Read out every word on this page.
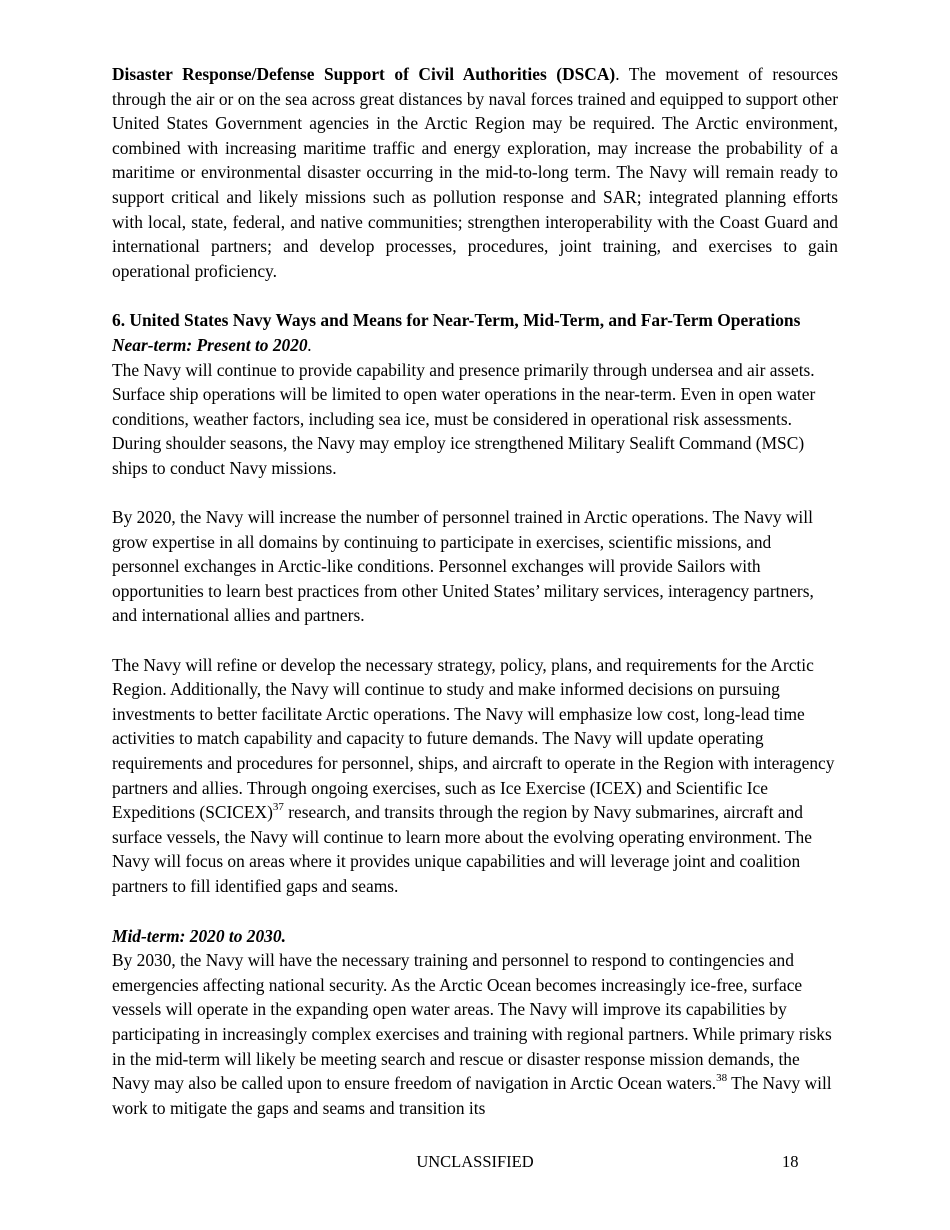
Disaster Response/Defense Support of Civil Authorities (DSCA). The movement of resources through the air or on the sea across great distances by naval forces trained and equipped to support other United States Government agencies in the Arctic Region may be required. The Arctic environment, combined with increasing maritime traffic and energy exploration, may increase the probability of a maritime or environmental disaster occurring in the mid-to-long term. The Navy will remain ready to support critical and likely missions such as pollution response and SAR; integrated planning efforts with local, state, federal, and native communities; strengthen interoperability with the Coast Guard and international partners; and develop processes, procedures, joint training, and exercises to gain operational proficiency.

6. United States Navy Ways and Means for Near-Term, Mid-Term, and Far-Term Operations

Near-term: Present to 2020.

The Navy will continue to provide capability and presence primarily through undersea and air assets. Surface ship operations will be limited to open water operations in the near-term. Even in open water conditions, weather factors, including sea ice, must be considered in operational risk assessments. During shoulder seasons, the Navy may employ ice strengthened Military Sealift Command (MSC) ships to conduct Navy missions.

By 2020, the Navy will increase the number of personnel trained in Arctic operations. The Navy will grow expertise in all domains by continuing to participate in exercises, scientific missions, and personnel exchanges in Arctic-like conditions. Personnel exchanges will provide Sailors with opportunities to learn best practices from other United States’ military services, interagency partners, and international allies and partners.

The Navy will refine or develop the necessary strategy, policy, plans, and requirements for the Arctic Region. Additionally, the Navy will continue to study and make informed decisions on pursuing investments to better facilitate Arctic operations. The Navy will emphasize low cost, long-lead time activities to match capability and capacity to future demands. The Navy will update operating requirements and procedures for personnel, ships, and aircraft to operate in the Region with interagency partners and allies. Through ongoing exercises, such as Ice Exercise (ICEX) and Scientific Ice Expeditions (SCICEX)$^{37}$ research, and transits through the region by Navy submarines, aircraft and surface vessels, the Navy will continue to learn more about the evolving operating environment. The Navy will focus on areas where it provides unique capabilities and will leverage joint and coalition partners to fill identified gaps and seams.

Mid-term: 2020 to 2030.

By 2030, the Navy will have the necessary training and personnel to respond to contingencies and emergencies affecting national security. As the Arctic Ocean becomes increasingly ice-free, surface vessels will operate in the expanding open water areas. The Navy will improve its capabilities by participating in increasingly complex exercises and training with regional partners. While primary risks in the mid-term will likely be meeting search and rescue or disaster response mission demands, the Navy may also be called upon to ensure freedom of navigation in Arctic Ocean waters.$^{38}$ The Navy will work to mitigate the gaps and seams and transition its

UNCLASSIFIED	18
